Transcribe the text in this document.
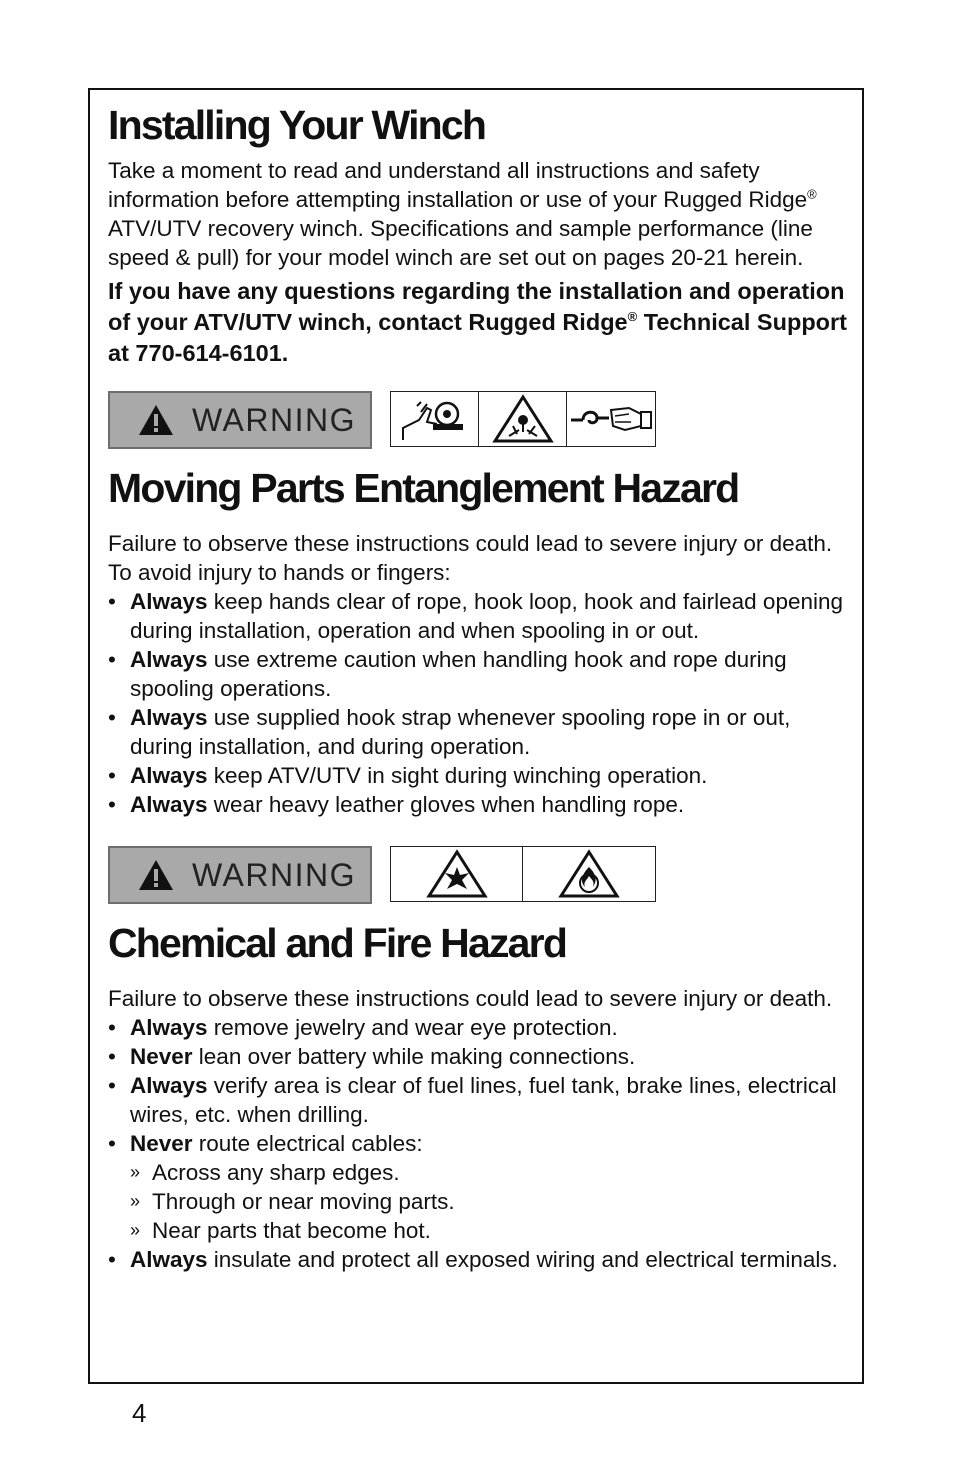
Installing Your Winch

Take a moment to read and understand all instructions and safety information before attempting installation or use of your Rugged Ridge® ATV/UTV recovery winch. Specifications and sample performance (line speed & pull) for your model winch are set out on pages 20-21 herein.

If you have any questions regarding the installation and operation of your ATV/UTV winch, contact Rugged Ridge® Technical Support at 770-614-6101.

WARNING
Moving Parts Entanglement Hazard

Failure to observe these instructions could lead to severe injury or death. To avoid injury to hands or fingers:

• Always keep hands clear of rope, hook loop, hook and fairlead opening during installation, operation and when spooling in or out.
• Always use extreme caution when handling hook and rope during spooling operations.
• Always use supplied hook strap whenever spooling rope in or out, during installation, and during operation.
• Always keep ATV/UTV in sight during winching operation.
• Always wear heavy leather gloves when handling rope.
WARNING
Chemical and Fire Hazard

Failure to observe these instructions could lead to severe injury or death.

• Always remove jewelry and wear eye protection.
• Never lean over battery while making connections.
• Always verify area is clear of fuel lines, fuel tank, brake lines, electrical wires, etc. when drilling.
• Never route electrical cables:
» Across any sharp edges.
» Through or near moving parts.
» Near parts that become hot.
• Always insulate and protect all exposed wiring and electrical terminals.
4
